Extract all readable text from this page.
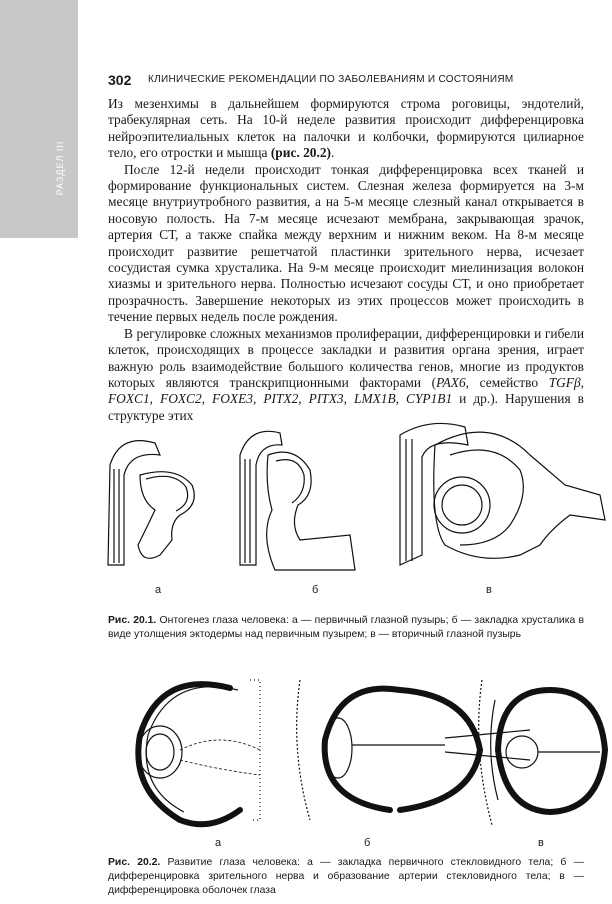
РАЗДЕЛ III
302 КЛИНИЧЕСКИЕ РЕКОМЕНДАЦИИ ПО ЗАБОЛЕВАНИЯМ И СОСТОЯНИЯМ

Из мезенхимы в дальнейшем формируются строма роговицы, эндотелий, трабекулярная сеть. На 10-й неделе развития происходит дифференцировка нейроэпителиальных клеток на палочки и колбочки, формируются цилиарное тело, его отростки и мышца (рис. 20.2).

После 12-й недели происходит тонкая дифференцировка всех тканей и формирование функциональных систем. Слезная железа формируется на 3-м месяце внутриутробного развития, а на 5-м месяце слезный канал открывается в носовую полость. На 7-м месяце исчезают мембрана, закрывающая зрачок, артерия СТ, а также спайка между верхним и нижним веком. На 8-м месяце происходит развитие решетчатой пластинки зрительного нерва, исчезает сосудистая сумка хрусталика. На 9-м месяце происходит миелинизация волокон хиазмы и зрительного нерва. Полностью исчезают сосуды СТ, и оно приобретает прозрачность. Завершение некоторых из этих процессов может происходить в течение первых недель после рождения.

В регулировке сложных механизмов пролиферации, дифференцировки и гибели клеток, происходящих в процессе закладки и развития органа зрения, играет важную роль взаимодействие большого количества генов, многие из продуктов которых являются транскрипционными факторами (PAX6, семейство TGFβ, FOXC1, FOXC2, FOXE3, PITX2, PITX3, LMX1B, CYP1B1 и др.). Нарушения в структуре этих

а	б	в
Рис. 20.1. Онтогенез глаза человека: а — первичный глазной пузырь; б — закладка хрусталика в виде утолщения эктодермы над первичным пузырем; в — вторичный глазной пузырь
а	б	в
Рис. 20.2. Развитие глаза человека: а — закладка первичного стекловидного тела; б — дифференцировка зрительного нерва и образование артерии стекловидного тела; в — дифференцировка оболочек глаза
